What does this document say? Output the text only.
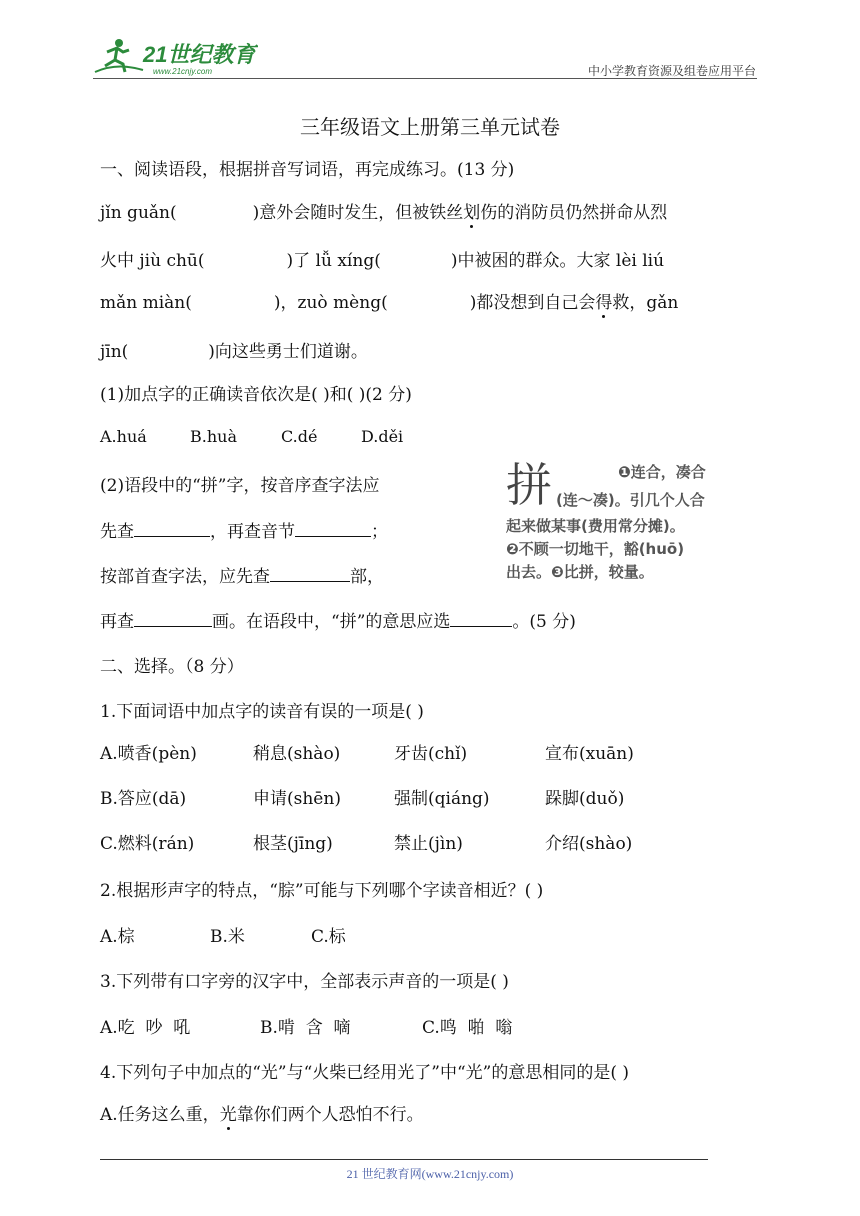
21世纪教育
www.21cnjy.com	中小学教育资源及组卷应用平台
三年级语文上册第三单元试卷
一、阅读语段，根据拼音写词语，再完成练习。(13 分)
jǐn guǎn(	)意外会随时发生，但被铁丝划伤的消防员仍然拼命从烈
火中 jiù chū(	)了 lǚ xíng(	)中被困的群众。大家 lèi liú
mǎn miàn(	)，zuò mèng(	)都没想到自己会得救，gǎn
jīn(	)向这些勇士们道谢。
(1)加点字的正确读音依次是( )和( )(2 分)
A.huá	B.huà	C.dé	D.děi
(2)语段中的“拼”字，按音序查字法应
先查	，再查音节	；
按部首查字法，应先查	部，
再查	画。在语段中，“拼”的意思应选	。(5 分)
拼	❶连合，凑合
(连～凑)。引几个人合
起来做某事(费用常分摊)。
❷不顾一切地干，豁(huō)
出去。❸比拼，较量。
二、选择。（8 分）
1.下面词语中加点字的读音有误的一项是( )
A.喷香(pèn)	稍息(shào)	牙齿(chǐ)	宣布(xuān)
B.答应(dā)	申请(shēn)	强制(qiáng)	跺脚(duǒ)
C.燃料(rán)	根茎(jīng)	禁止(jìn)	介绍(shào)
2.根据形声字的特点，“腙”可能与下列哪个字读音相近？( )
A.棕	B.米	C.标
3.下列带有口字旁的汉字中，全部表示声音的一项是( )
A.吃  吵  吼	B.啃  含  嘀	C.鸣  啪  嗡
4.下列句子中加点的“光”与“火柴已经用光了”中“光”的意思相同的是( )
A.任务这么重，光靠你们两个人恐怕不行。
21 世纪教育网(www.21cnjy.com)
